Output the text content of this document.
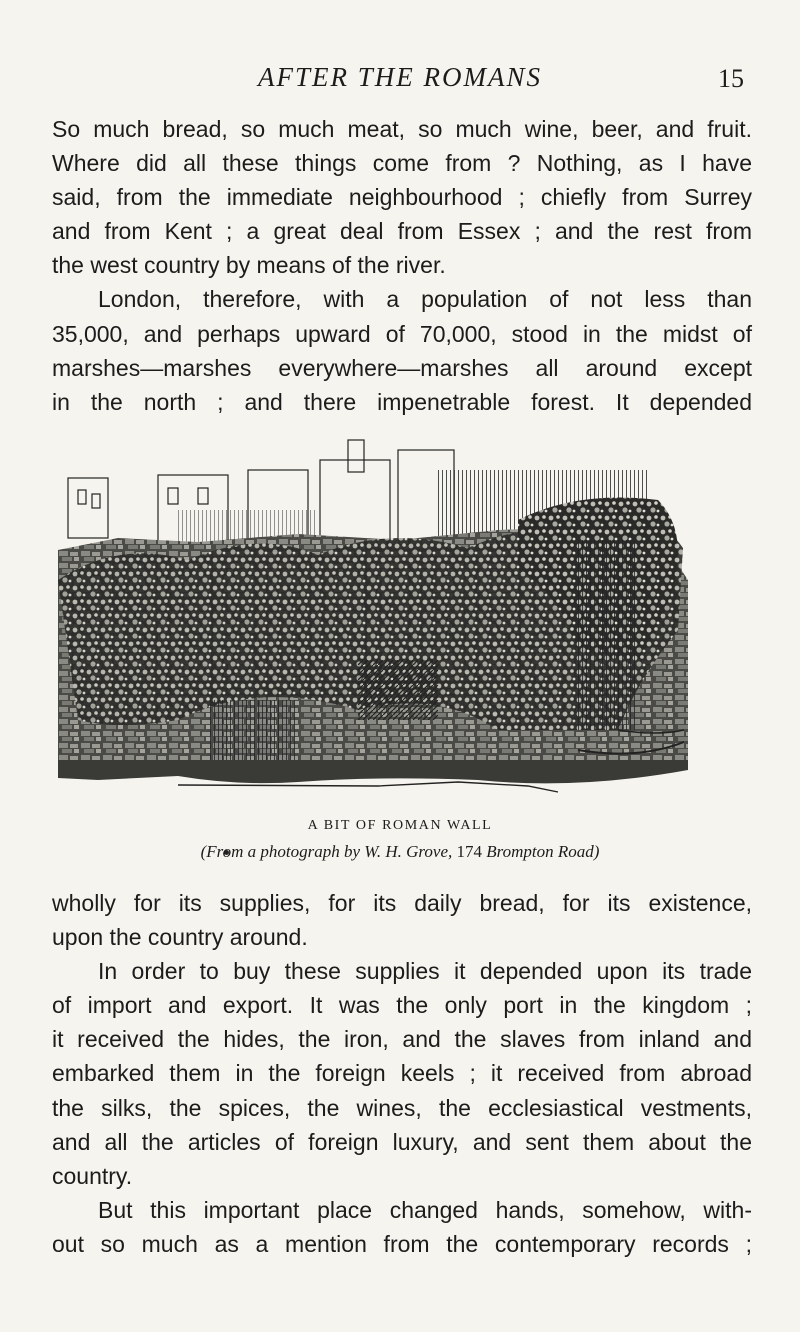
AFTER THE ROMANS	15
So much bread, so much meat, so much wine, beer, and fruit.
Where did all these things come from ? Nothing, as I have
said, from the immediate neighbourhood ; chiefly from Surrey
and from Kent ; a great deal from Essex ; and the rest from
the west country by means of the river.
London, therefore, with a population of not less than
35,000, and perhaps upward of 70,000, stood in the midst of
marshes—marshes everywhere—marshes all around except
in the north ; and there impenetrable forest. It depended
A BIT OF ROMAN WALL
(From a photograph by W. H. Grove, 174 Brompton Road)
wholly for its supplies, for its daily bread, for its existence,
upon the country around.
In order to buy these supplies it depended upon its trade
of import and export. It was the only port in the kingdom ;
it received the hides, the iron, and the slaves from inland and
embarked them in the foreign keels ; it received from abroad
the silks, the spices, the wines, the ecclesiastical vestments,
and all the articles of foreign luxury, and sent them about the
country.
But this important place changed hands, somehow, with-
out so much as a mention from the contemporary records ;
